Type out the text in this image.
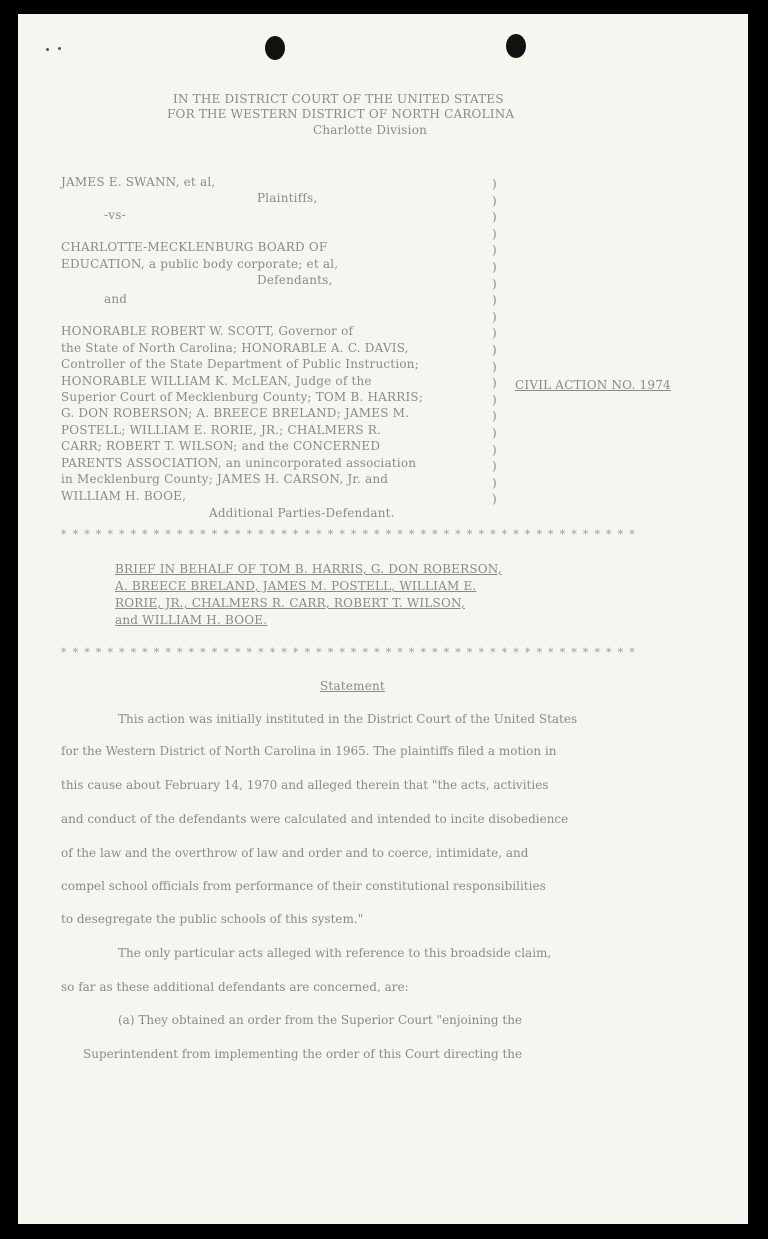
IN THE DISTRICT COURT OF THE UNITED STATES
FOR THE WESTERN DISTRICT OF NORTH CAROLINA
Charlotte Division
JAMES E. SWANN, et al,
Plaintiffs,
-vs-
CHARLOTTE-MECKLENBURG BOARD OF
EDUCATION, a public body corporate; et al,
Defendants,
and
HONORABLE ROBERT W. SCOTT, Governor of
the State of North Carolina; HONORABLE A. C. DAVIS,
Controller of the State Department of Public Instruction;
HONORABLE WILLIAM K. McLEAN, Judge of the
Superior Court of Mecklenburg County; TOM B. HARRIS;
G. DON ROBERSON; A. BREECE BRELAND; JAMES M.
POSTELL; WILLIAM E. RORIE, JR.; CHALMERS R.
CARR; ROBERT T. WILSON; and the CONCERNED
PARENTS ASSOCIATION, an unincorporated association
in Mecklenburg County; JAMES H. CARSON, Jr. and
WILLIAM H. BOOE,
Additional Parties-Defendant.
)
)
)
)
)
)
)
)
)
)
)
)
)
)
)
)
)
)
)
)
CIVIL ACTION NO. 1974
* * * * * * * * * * * * * * * * * * * * * * * * * * * * * * * * * * * * * * * * * * * * * * * * * *
BRIEF IN BEHALF OF TOM B. HARRIS, G. DON ROBERSON,
A. BREECE BRELAND, JAMES M. POSTELL, WILLIAM E.
RORIE, JR., CHALMERS R. CARR, ROBERT T. WILSON,
and WILLIAM H. BOOE.
* * * * * * * * * * * * * * * * * * * * * * * * * * * * * * * * * * * * * * * * * * * * * * * * * *
Statement
This action was initially instituted in the District Court of the United States
for the Western District of North Carolina in 1965. The plaintiffs filed a motion in
this cause about February 14, 1970 and alleged therein that "the acts, activities
and conduct of the defendants were calculated and intended to incite disobedience
of the law and the overthrow of law and order and to coerce, intimidate, and
compel school officials from performance of their constitutional responsibilities
to desegregate the public schools of this system."
The only particular acts alleged with reference to this broadside claim,
so far as these additional defendants are concerned, are:
(a) They obtained an order from the Superior Court "enjoining the
Superintendent from implementing the order of this Court directing the
